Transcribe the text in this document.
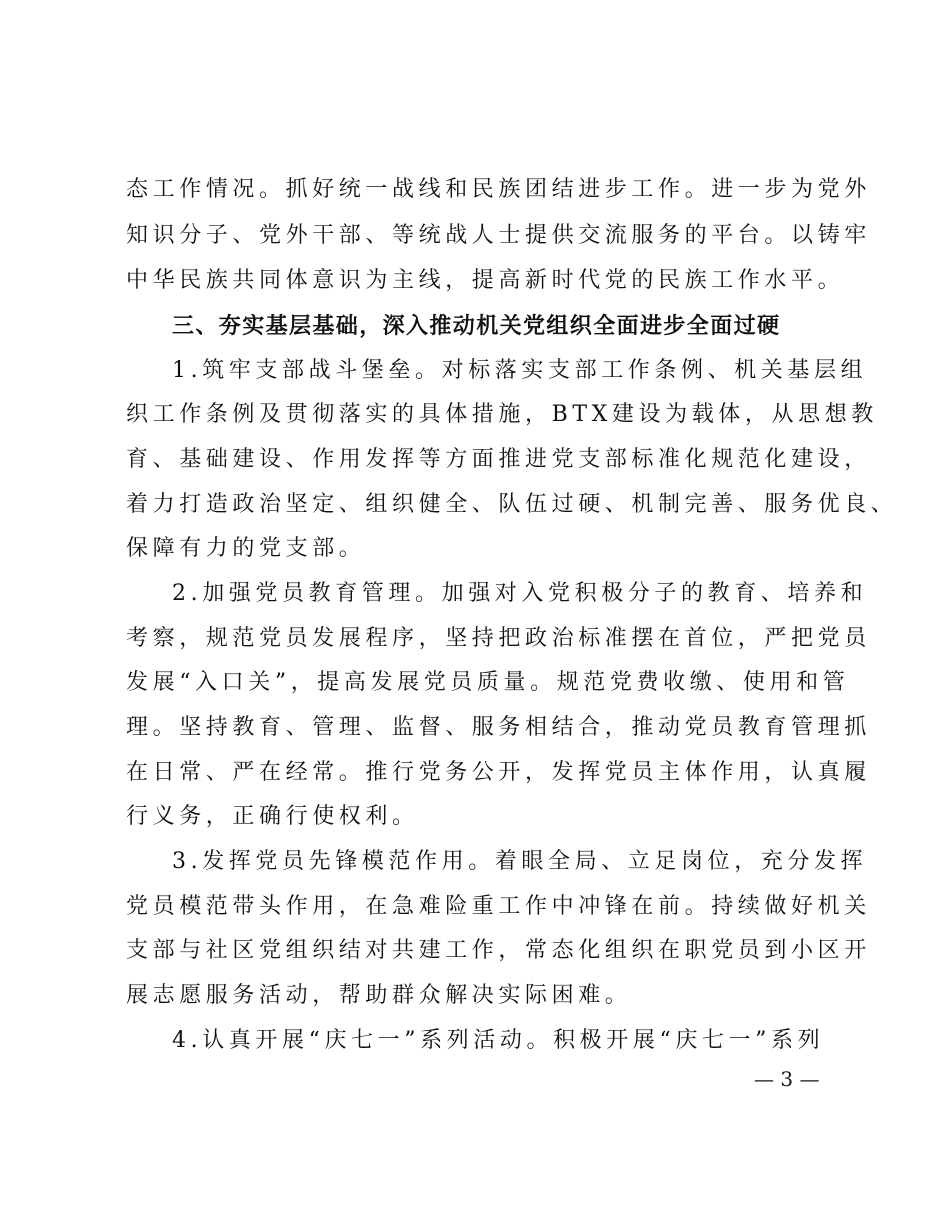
态工作情况。抓好统一战线和民族团结进步工作。进一步为党外
知识分子、党外干部、等统战人士提供交流服务的平台。以铸牢
中华民族共同体意识为主线，提高新时代党的民族工作水平。
三、夯实基层基础，深入推动机关党组织全面进步全面过硬
1.筑牢支部战斗堡垒。对标落实支部工作条例、机关基层组
织工作条例及贯彻落实的具体措施，BTX建设为载体，从思想教
育、基础建设、作用发挥等方面推进党支部标准化规范化建设，
着力打造政治坚定、组织健全、队伍过硬、机制完善、服务优良、
保障有力的党支部。
2.加强党员教育管理。加强对入党积极分子的教育、培养和
考察，规范党员发展程序，坚持把政治标准摆在首位，严把党员
发展“入口关”，提高发展党员质量。规范党费收缴、使用和管
理。坚持教育、管理、监督、服务相结合，推动党员教育管理抓
在日常、严在经常。推行党务公开，发挥党员主体作用，认真履
行义务，正确行使权利。
3.发挥党员先锋模范作用。着眼全局、立足岗位，充分发挥
党员模范带头作用，在急难险重工作中冲锋在前。持续做好机关
支部与社区党组织结对共建工作，常态化组织在职党员到小区开
展志愿服务活动，帮助群众解决实际困难。
4.认真开展“庆七一”系列活动。积极开展“庆七一”系列
— 3 —
